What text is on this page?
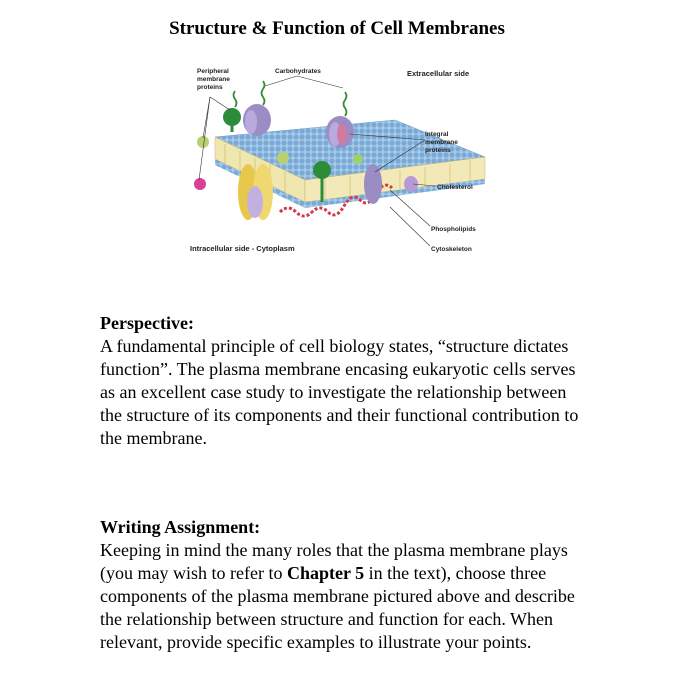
Structure & Function of Cell Membranes
Peripheral
membrane
proteins
Carbohydrates	Extracellular side
Integral
membrane
proteins
Cholesterol
Phospholipids
Intracellular side - Cytoplasm	Cytoskeleton
Perspective:

A fundamental principle of cell biology states, “structure dictates function”. The plasma membrane encasing eukaryotic cells serves as an excellent case study to investigate the relationship between the structure of its components and their functional contribution to the membrane.

Writing Assignment:

Keeping in mind the many roles that the plasma membrane plays (you may wish to refer to Chapter 5 in the text), choose three components of the plasma membrane pictured above and describe the relationship between structure and function for each. When relevant, provide specific examples to illustrate your points.
